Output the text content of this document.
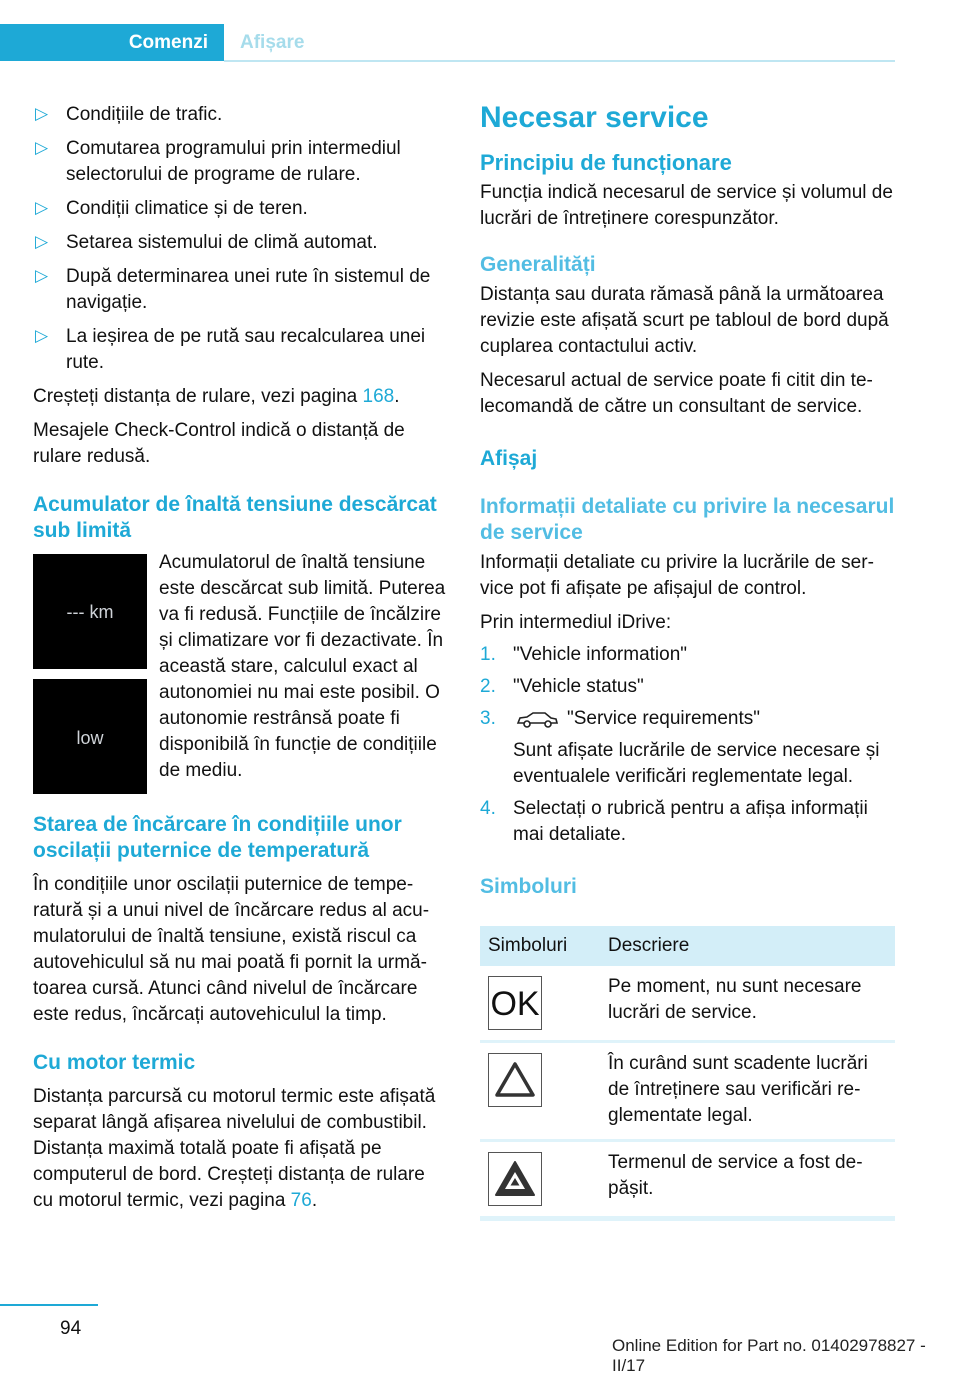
Comenzi	Afișare
▷ Condițiile de trafic.
▷ Comutarea programului prin intermediul selectorului de programe de rulare.
▷ Condiții climatice și de teren.
▷ Setarea sistemului de climă automat.
▷ După determinarea unei rute în sistemul de navigație.
▷ La ieșirea de pe rută sau recalcularea unei rute.

Creșteți distanța de rulare, vezi pagina 168.

Mesajele Check-Control indică o distanță de rulare redusă.

Acumulator de înaltă tensiune descărcat sub limită
--- km
low
Acumulatorul de înaltă tensiune este descărcat sub limită. Puterea va fi redusă. Funcțiile de încălzire și climatizare vor fi dezactivate. În această stare, calculul exact al autonomiei nu mai este posibil. O autonomie restrânsă poate fi disponibilă în funcție de condițiile de mediu.
Starea de încărcare în condițiile unor oscilații puternice de temperatură

În condițiile unor oscilații puternice de temperatură și a unui nivel de încărcare redus al acumulatorului de înaltă tensiune, există riscul ca autovehiculul să nu mai poată fi pornit la următoarea cursă. Atunci când nivelul de încărcare este redus, încărcați autovehiculul la timp.

Cu motor termic

Distanța parcursă cu motorul termic este afișată separat lângă afișarea nivelului de combustibil. Distanța maximă totală poate fi afișată pe computerul de bord. Creșteți distanța de rulare cu motorul termic, vezi pagina 76.

Necesar service
Principiu de funcționare

Funcția indică necesarul de service și volumul de lucrări de întreținere corespunzător.

Generalități

Distanța sau durata rămasă până la următoarea revizie este afișată scurt pe tabloul de bord după cuplarea contactului activ.

Necesarul actual de service poate fi citit din telecomandă de către un consultant de service.

Afișaj
Informații detaliate cu privire la necesarul de service

Informații detaliate cu privire la lucrările de service pot fi afișate pe afișajul de control.

Prin intermediul iDrive:

1. "Vehicle information"
2. "Vehicle status"
3.	"Service requirements"
Sunt afișate lucrările de service necesare și eventualele verificări reglementate legal.
4. Selectați o rubrică pentru a afișa informații mai detaliate.
Simboluri
Simboluri	Descriere

OK	Pe moment, nu sunt necesare lucrări de service.

	În curând sunt scadente lucrări de întreținere sau verificări reglementate legal.

	Termenul de service a fost depășit.
94
Online Edition for Part no. 01402978827 - II/17
